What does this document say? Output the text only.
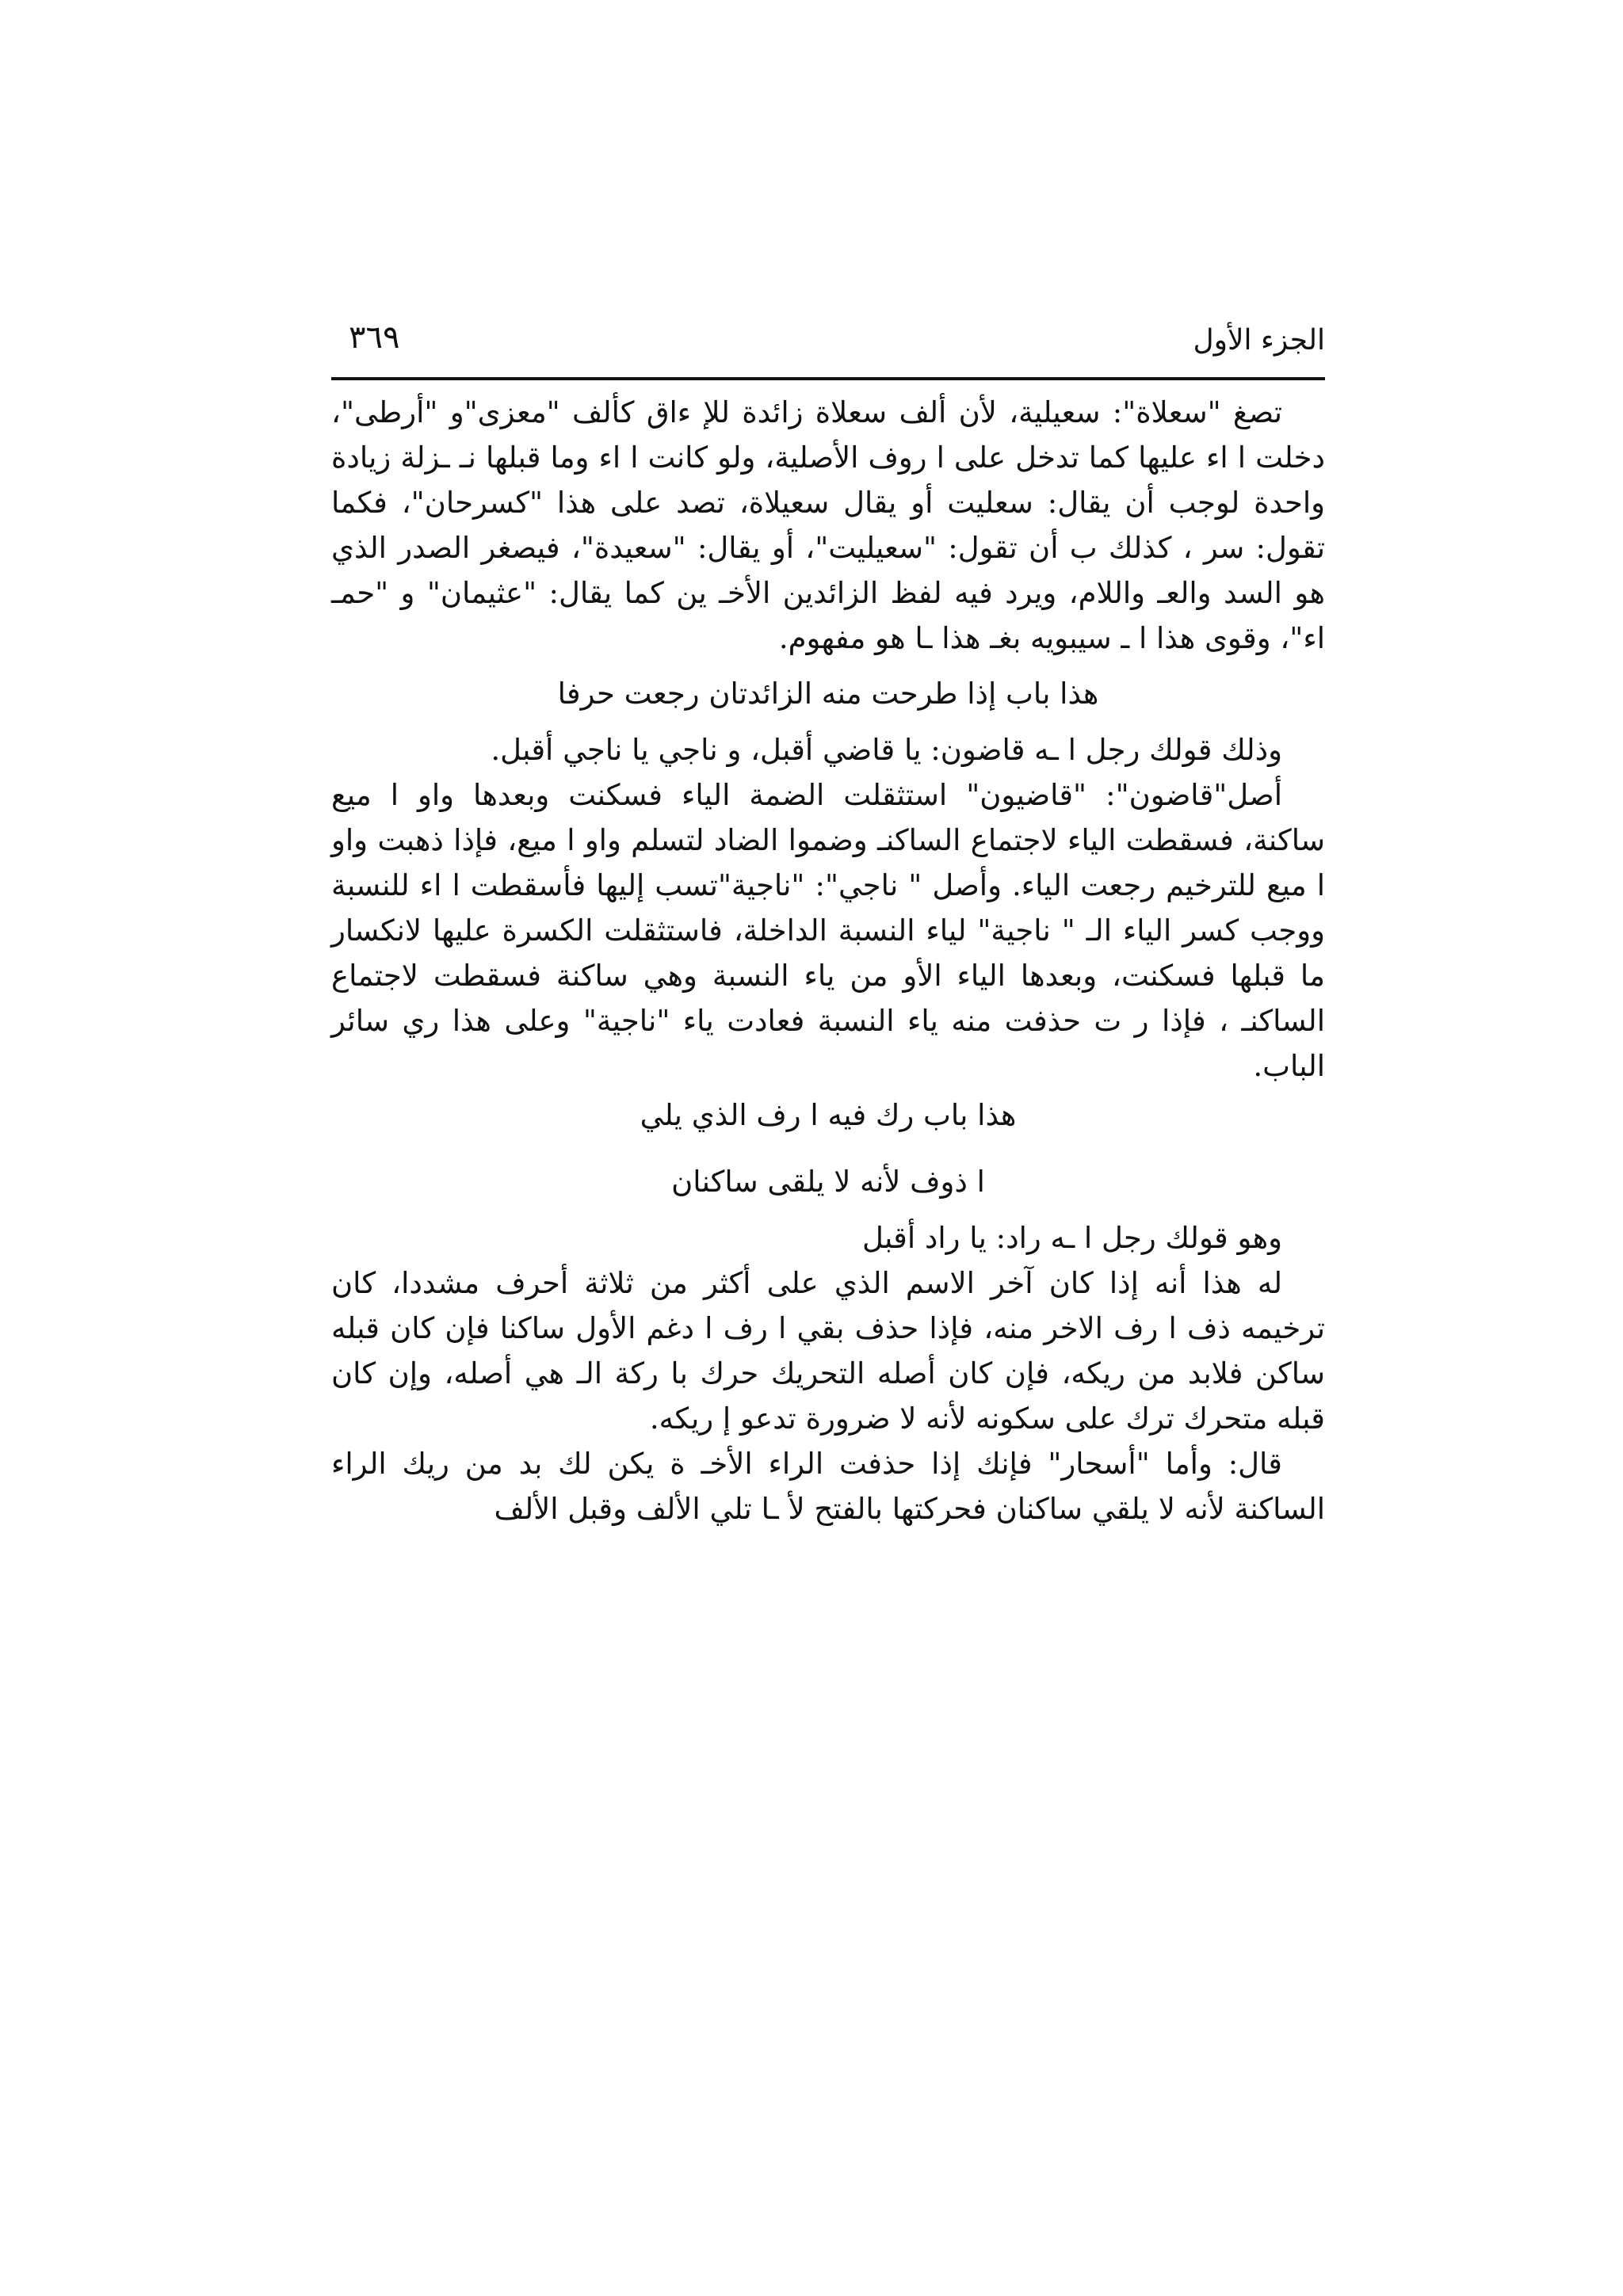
الجزء الأول
٣٦٩

تصغ "سعلاة": سعيلية، لأن ألف سعلاة زائدة للإ ءاق كألف "معزى"و "أرطى"، دخلت ا اء عليها كما تدخل على ا روف الأصلية، ولو كانت ا اء وما قبلها نـ ـزلة زيادة واحدة لوجب أن يقال: سعليت أو يقال سعيلاة، تصد على هذا "كسرحان"، فكما تقول: سر ، كذلك ب أن تقول: "سعيليت"، أو يقال: "سعيدة"، فيصغر الصدر الذي هو السد والعـ واللام، ويرد فيه لفظ الزائدين الأخـ ين كما يقال: "عثيمان" و "حمـ اء"، وقوى هذا ا ـ سيبويه بغـ هذا ـا هو مفهوم.

هذا باب إذا طرحت منه الزائدتان رجعت حرفا

وذلك قولك رجل ا ـه قاضون: يا قاضي أقبل، و ناجي يا ناجي أقبل.

أصل"قاضون": "قاضيون" استثقلت الضمة الياء فسكنت وبعدها واو ا ميع ساكنة، فسقطت الياء لاجتماع الساكنـ وضموا الضاد لتسلم واو ا ميع، فإذا ذهبت واو ا ميع للترخيم رجعت الياء. وأصل " ناجي": "ناجية"تسب إليها فأسقطت ا اء للنسبة ووجب كسر الياء الـ " ناجية" لياء النسبة الداخلة، فاستثقلت الكسرة عليها لانكسار ما قبلها فسكنت، وبعدها الياء الأو من ياء النسبة وهي ساكنة فسقطت لاجتماع الساكنـ ، فإذا ر ت حذفت منه ياء النسبة فعادت ياء "ناجية" وعلى هذا ري سائر الباب.

هذا باب رك فيه ا رف الذي يلي

ا ذوف لأنه لا يلقى ساكنان

وهو قولك رجل ا ـه راد: يا راد أقبل

له هذا أنه إذا كان آخر الاسم الذي على أكثر من ثلاثة أحرف مشددا، كان ترخيمه ذف ا رف الاخر منه، فإذا حذف بقي ا رف ا دغم الأول ساكنا فإن كان قبله ساكن فلابد من ريكه، فإن كان أصله التحريك حرك با ركة الـ هي أصله، وإن كان قبله متحرك ترك على سكونه لأنه لا ضرورة تدعو إ ريكه.

قال: وأما "أسحار" فإنك إذا حذفت الراء الأخـ ة يكن لك بد من ريك الراء الساكنة لأنه لا يلقي ساكنان فحركتها بالفتح لأ ـا تلي الألف وقبل الألف
